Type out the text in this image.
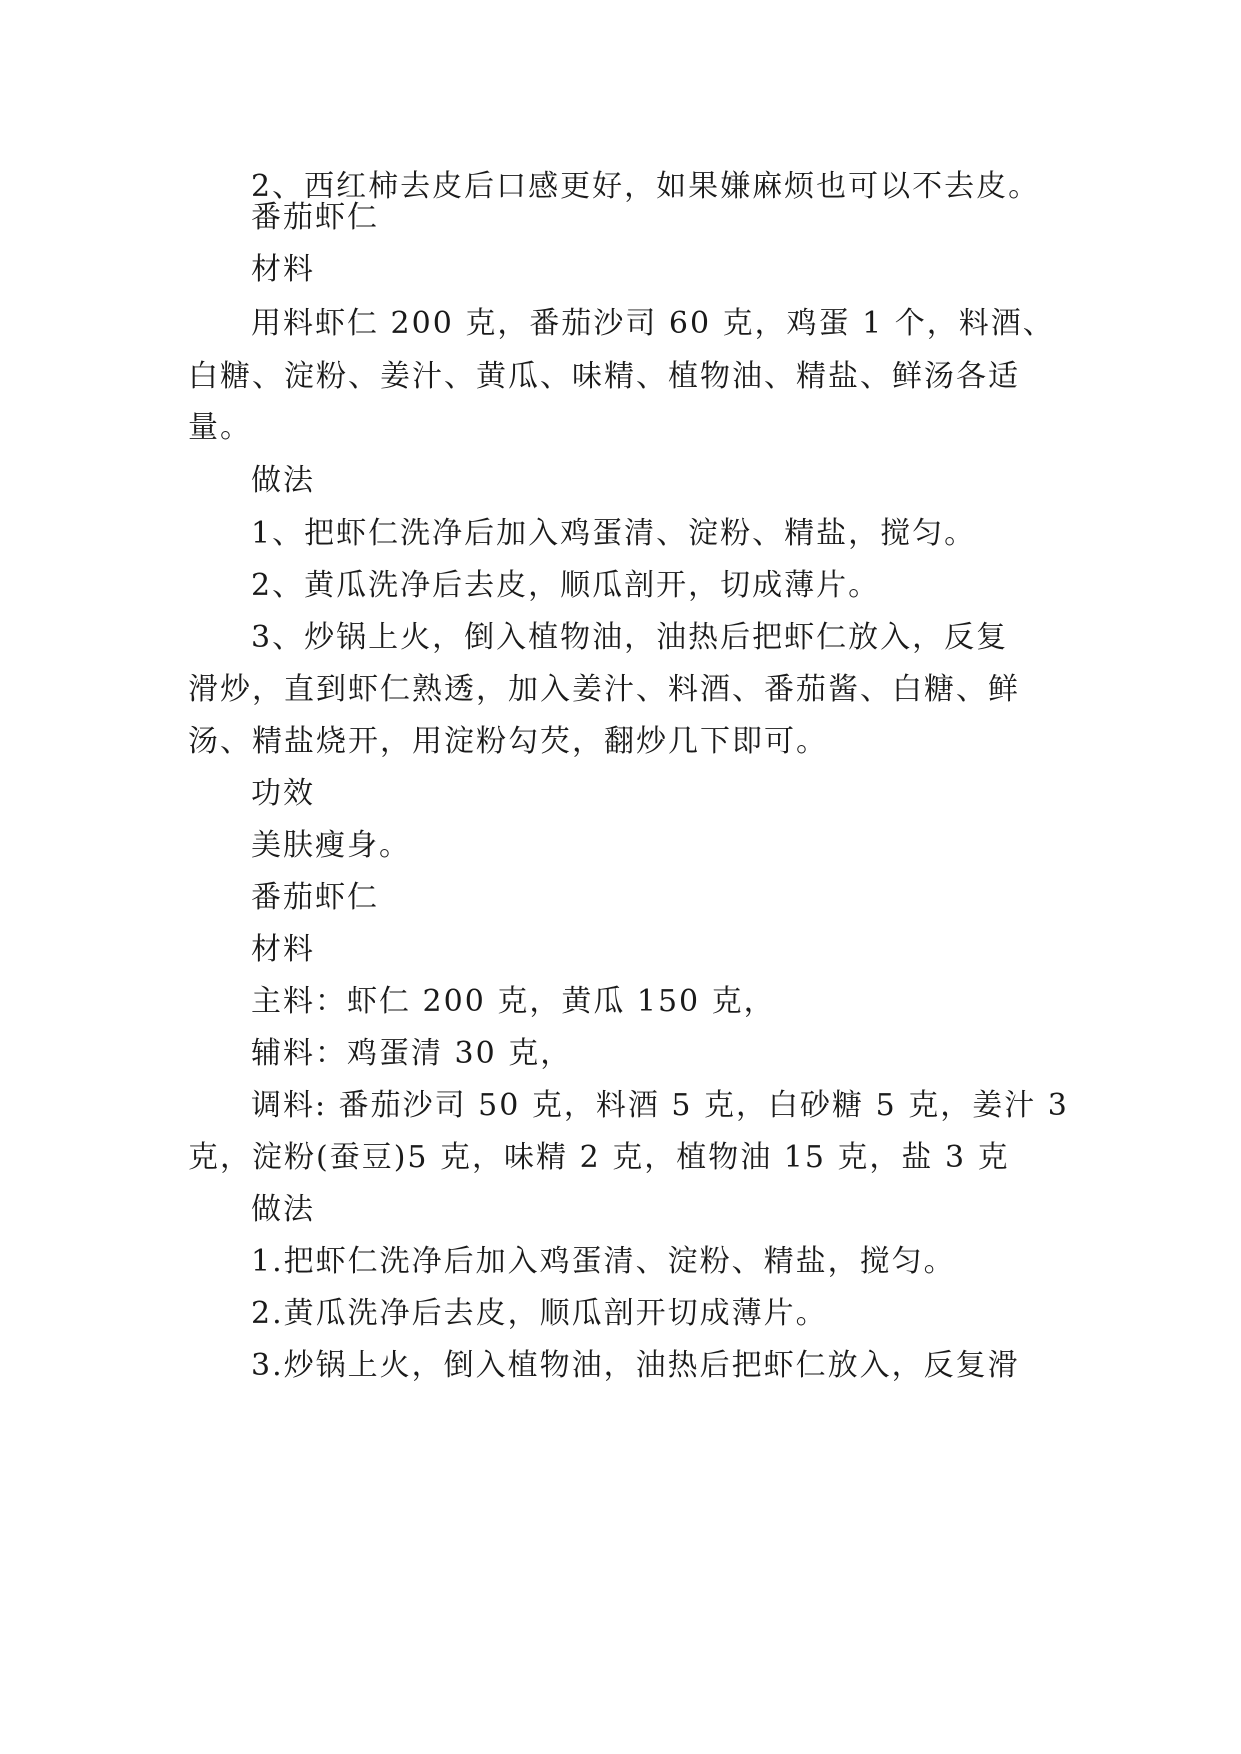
2、西红柿去皮后口感更好，如果嫌麻烦也可以不去皮。
番茄虾仁
材料
用料虾仁 200 克，番茄沙司 60 克，鸡蛋 1 个，料酒、
白糖、淀粉、姜汁、黄瓜、味精、植物油、精盐、鲜汤各适
量。
做法
1、把虾仁洗净后加入鸡蛋清、淀粉、精盐，搅匀。
2、黄瓜洗净后去皮，顺瓜剖开，切成薄片。
3、炒锅上火，倒入植物油，油热后把虾仁放入，反复
滑炒，直到虾仁熟透，加入姜汁、料酒、番茄酱、白糖、鲜
汤、精盐烧开，用淀粉勾芡，翻炒几下即可。
功效
美肤瘦身。
番茄虾仁
材料
主料：虾仁 200 克，黄瓜 150 克，
辅料：鸡蛋清 30 克，
调料: 番茄沙司 50 克，料酒 5 克，白砂糖 5 克，姜汁 3
克，淀粉(蚕豆)5 克，味精 2 克，植物油 15 克，盐 3 克
做法
1.把虾仁洗净后加入鸡蛋清、淀粉、精盐，搅匀。
2.黄瓜洗净后去皮，顺瓜剖开切成薄片。
3.炒锅上火，倒入植物油，油热后把虾仁放入，反复滑
